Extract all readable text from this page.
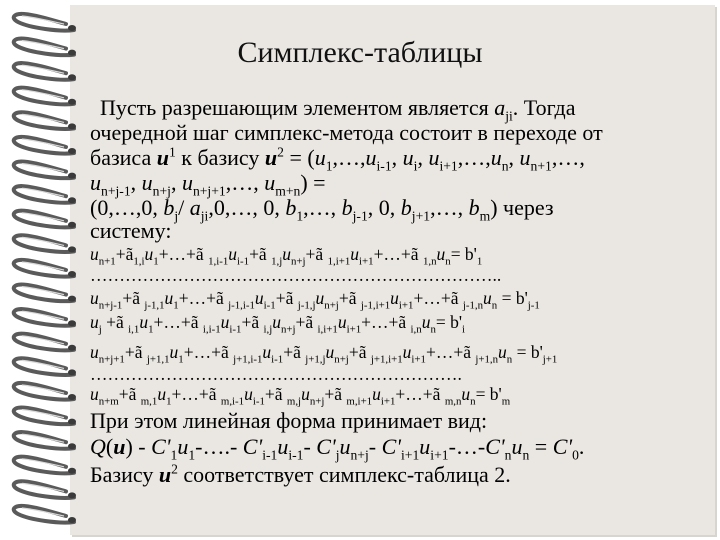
Симплекс-таблицы
Пусть разрешающим элементом является $a_{ji}$. Тогда
очередной шаг симплекс-метода состоит в переходе от
базиса $u^1$ к базису $u^2$ = ($u_1,\dots,u_{i-1}$, $u_i$, $u_{i+1},\dots,u_n$, $u_{n+1},\dots$,
$u_{n+j-1}$, $u_{n+j}$, $u_{n+j+1},\dots$, $u_{m+n}$) =
(0,…,0, $b_j/$ $a_{ji},0,\dots$, 0, $b_1,\dots$, $b_{j-1}$, 0, $b_{j+1},\dots$, $b_m$) через
систему:
$u_{n+1}+ã_{1,i}u_1+\dots+ã$ $_{1,i-1}u_{i-1}+ã$ $_{1,j}u_{n+j}+ã$ $_{1,i+1}u_{i+1}+\dots+ã$ $_{1,n}u_n= b'_1$
……………………………………………………………..
$u_{n+j-1}+ã$ $_{j-1,1}u_1+\dots+ã$ $_{j-1,i-1}u_{i-1}+ã$ $_{j-1,j}u_{n+j}+ã$ $_{j-1,i+1}u_{i+1}+\dots+ã$ $_{j-1,n}u_n = b'_{j-1}$
$u_j$ +ã $_{i,1}u_1+\dots+ã$ $_{i,i-1}u_{i-1}+ã$ $_{i,j}u_{n+j}+ã$ $_{i,i+1}u_{i+1}+\dots+ã$ $_{i,n}u_n= b'_i$
$u_{n+j+1}+ã$ $_{j+1,1}u_1+\dots+ã$ $_{j+1,i-1}u_{i-1}+ã$ $_{j+1,j}u_{n+j}+ã$ $_{j+1,i+1}u_{i+1}+\dots+ã$ $_{j+1,n}u_n = b'_{j+1}$
……………………………………………………….
$u_{n+m}+ã$ $_{m,1}u_1+\dots+ã$ $_{m,i-1}u_{i-1}+ã$ $_{m,j}u_{n+j}+ã$ $_{m,i+1}u_{i+1}+\dots+ã$ $_{m,n}u_n= b'_m$
При этом линейная форма принимает вид:
$Q(u) - C'_1u_1-\dots.-$ $C'_{i-1}u_{i-1}-$ $C'_ju_{n+j}-$ $C'_{i+1}u_{i+1}-\dots-C'_nu_n = C'_0$.
Базису $u^2$ соответствует симплекс-таблица 2.
